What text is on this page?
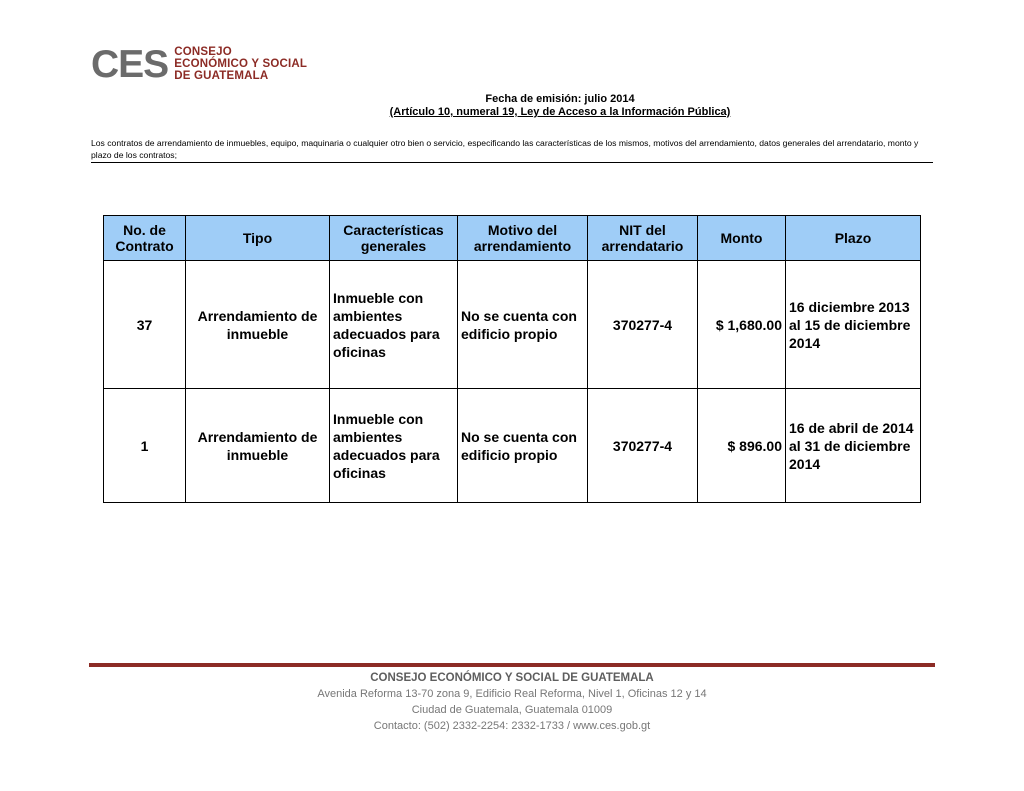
CES CONSEJO
ECONÓMICO Y SOCIAL
DE GUATEMALA
Fecha de emisión: julio 2014
(Artículo 10, numeral 19, Ley de Acceso a la Información Pública)
Los contratos de arrendamiento de inmuebles, equipo, maquinaria o cualquier otro bien o servicio, especificando las características de los mismos, motivos del arrendamiento, datos generales del arrendatario, monto y plazo de los contratos;
No. de Contrato	Tipo	Características generales	Motivo del arrendamiento	NIT del arrendatario	Monto	Plazo
37	Arrendamiento de inmueble	Inmueble con ambientes adecuados para oficinas	No se cuenta con edificio propio	370277-4	$ 1,680.00	16 diciembre 2013 al 15 de diciembre 2014
1	Arrendamiento de inmueble	Inmueble con ambientes adecuados para oficinas	No se cuenta con edificio propio	370277-4	$ 896.00	16 de abril de 2014 al 31 de diciembre 2014
CONSEJO ECONÓMICO Y SOCIAL DE GUATEMALA
Avenida Reforma 13-70 zona 9, Edificio Real Reforma, Nivel 1, Oficinas 12 y 14
Ciudad de Guatemala, Guatemala 01009
Contacto: (502) 2332-2254: 2332-1733 / www.ces.gob.gt
